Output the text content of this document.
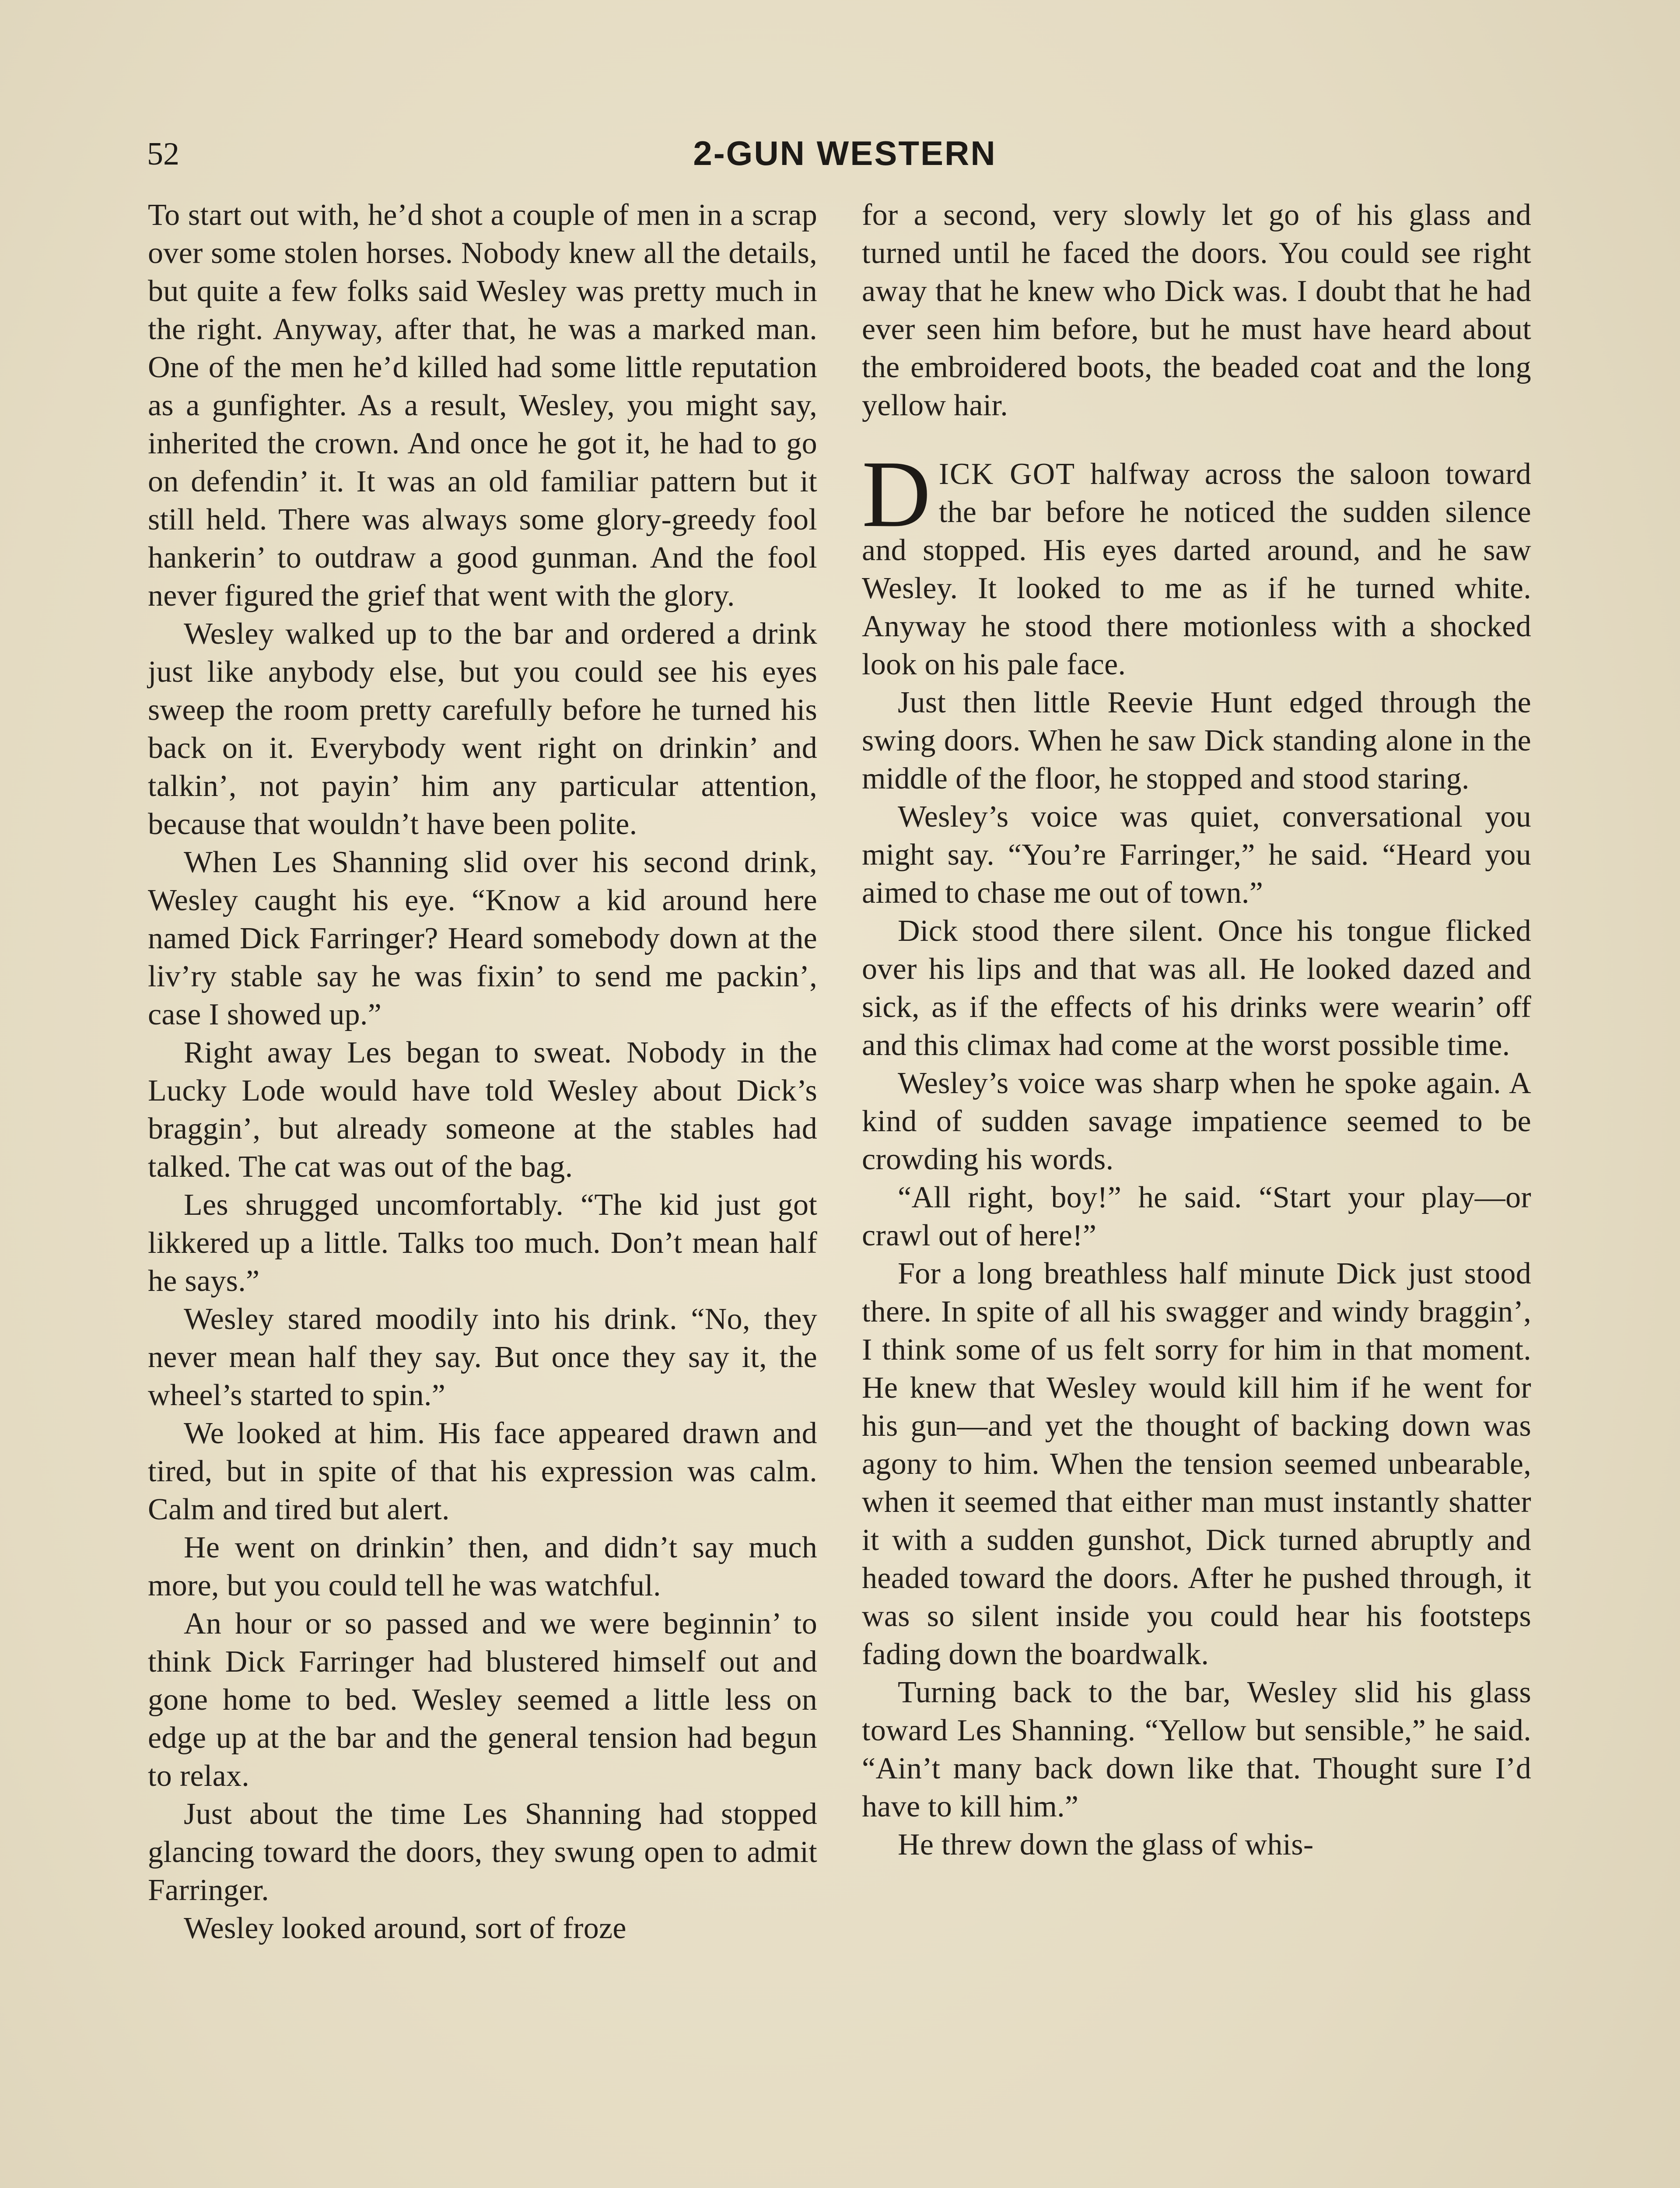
52	2-GUN WESTERN

To start out with, he’d shot a couple of men in a scrap over some stolen horses. Nobody knew all the details, but quite a few folks said Wesley was pretty much in the right. Anyway, after that, he was a marked man. One of the men he’d killed had some little reputation as a gunfighter. As a result, Wesley, you might say, inherited the crown. And once he got it, he had to go on defendin’ it. It was an old familiar pattern but it still held. There was always some glory-greedy fool hankerin’ to outdraw a good gunman. And the fool never figured the grief that went with the glory.

Wesley walked up to the bar and ordered a drink just like anybody else, but you could see his eyes sweep the room pretty carefully before he turned his back on it. Everybody went right on drinkin’ and talkin’, not payin’ him any particular attention, because that wouldn’t have been polite.

When Les Shanning slid over his second drink, Wesley caught his eye. “Know a kid around here named Dick Farringer? Heard somebody down at the liv’ry stable say he was fixin’ to send me packin’, case I showed up.”

Right away Les began to sweat. Nobody in the Lucky Lode would have told Wesley about Dick’s braggin’, but already someone at the stables had talked. The cat was out of the bag.

Les shrugged uncomfortably. “The kid just got likkered up a little. Talks too much. Don’t mean half he says.”

Wesley stared moodily into his drink. “No, they never mean half they say. But once they say it, the wheel’s started to spin.”

We looked at him. His face appeared drawn and tired, but in spite of that his expression was calm. Calm and tired but alert.

He went on drinkin’ then, and didn’t say much more, but you could tell he was watchful.

An hour or so passed and we were beginnin’ to think Dick Farringer had blustered himself out and gone home to bed. Wesley seemed a little less on edge up at the bar and the general tension had begun to relax.

Just about the time Les Shanning had stopped glancing toward the doors, they swung open to admit Farringer.

Wesley looked around, sort of froze

for a second, very slowly let go of his glass and turned until he faced the doors. You could see right away that he knew who Dick was. I doubt that he had ever seen him before, but he must have heard about the embroidered boots, the beaded coat and the long yellow hair.

DICK GOT halfway across the saloon toward the bar before he noticed the sudden silence and stopped. His eyes darted around, and he saw Wesley. It looked to me as if he turned white. Anyway he stood there motionless with a shocked look on his pale face.

Just then little Reevie Hunt edged through the swing doors. When he saw Dick standing alone in the middle of the floor, he stopped and stood staring.

Wesley’s voice was quiet, conversational you might say. “You’re Farringer,” he said. “Heard you aimed to chase me out of town.”

Dick stood there silent. Once his tongue flicked over his lips and that was all. He looked dazed and sick, as if the effects of his drinks were wearin’ off and this climax had come at the worst possible time.

Wesley’s voice was sharp when he spoke again. A kind of sudden savage impatience seemed to be crowding his words.

“All right, boy!” he said. “Start your play—or crawl out of here!”

For a long breathless half minute Dick just stood there. In spite of all his swagger and windy braggin’, I think some of us felt sorry for him in that moment. He knew that Wesley would kill him if he went for his gun—and yet the thought of backing down was agony to him. When the tension seemed unbearable, when it seemed that either man must instantly shatter it with a sudden gunshot, Dick turned abruptly and headed toward the doors. After he pushed through, it was so silent inside you could hear his footsteps fading down the boardwalk.

Turning back to the bar, Wesley slid his glass toward Les Shanning. “Yellow but sensible,” he said. “Ain’t many back down like that. Thought sure I’d have to kill him.”

He threw down the glass of whis-
